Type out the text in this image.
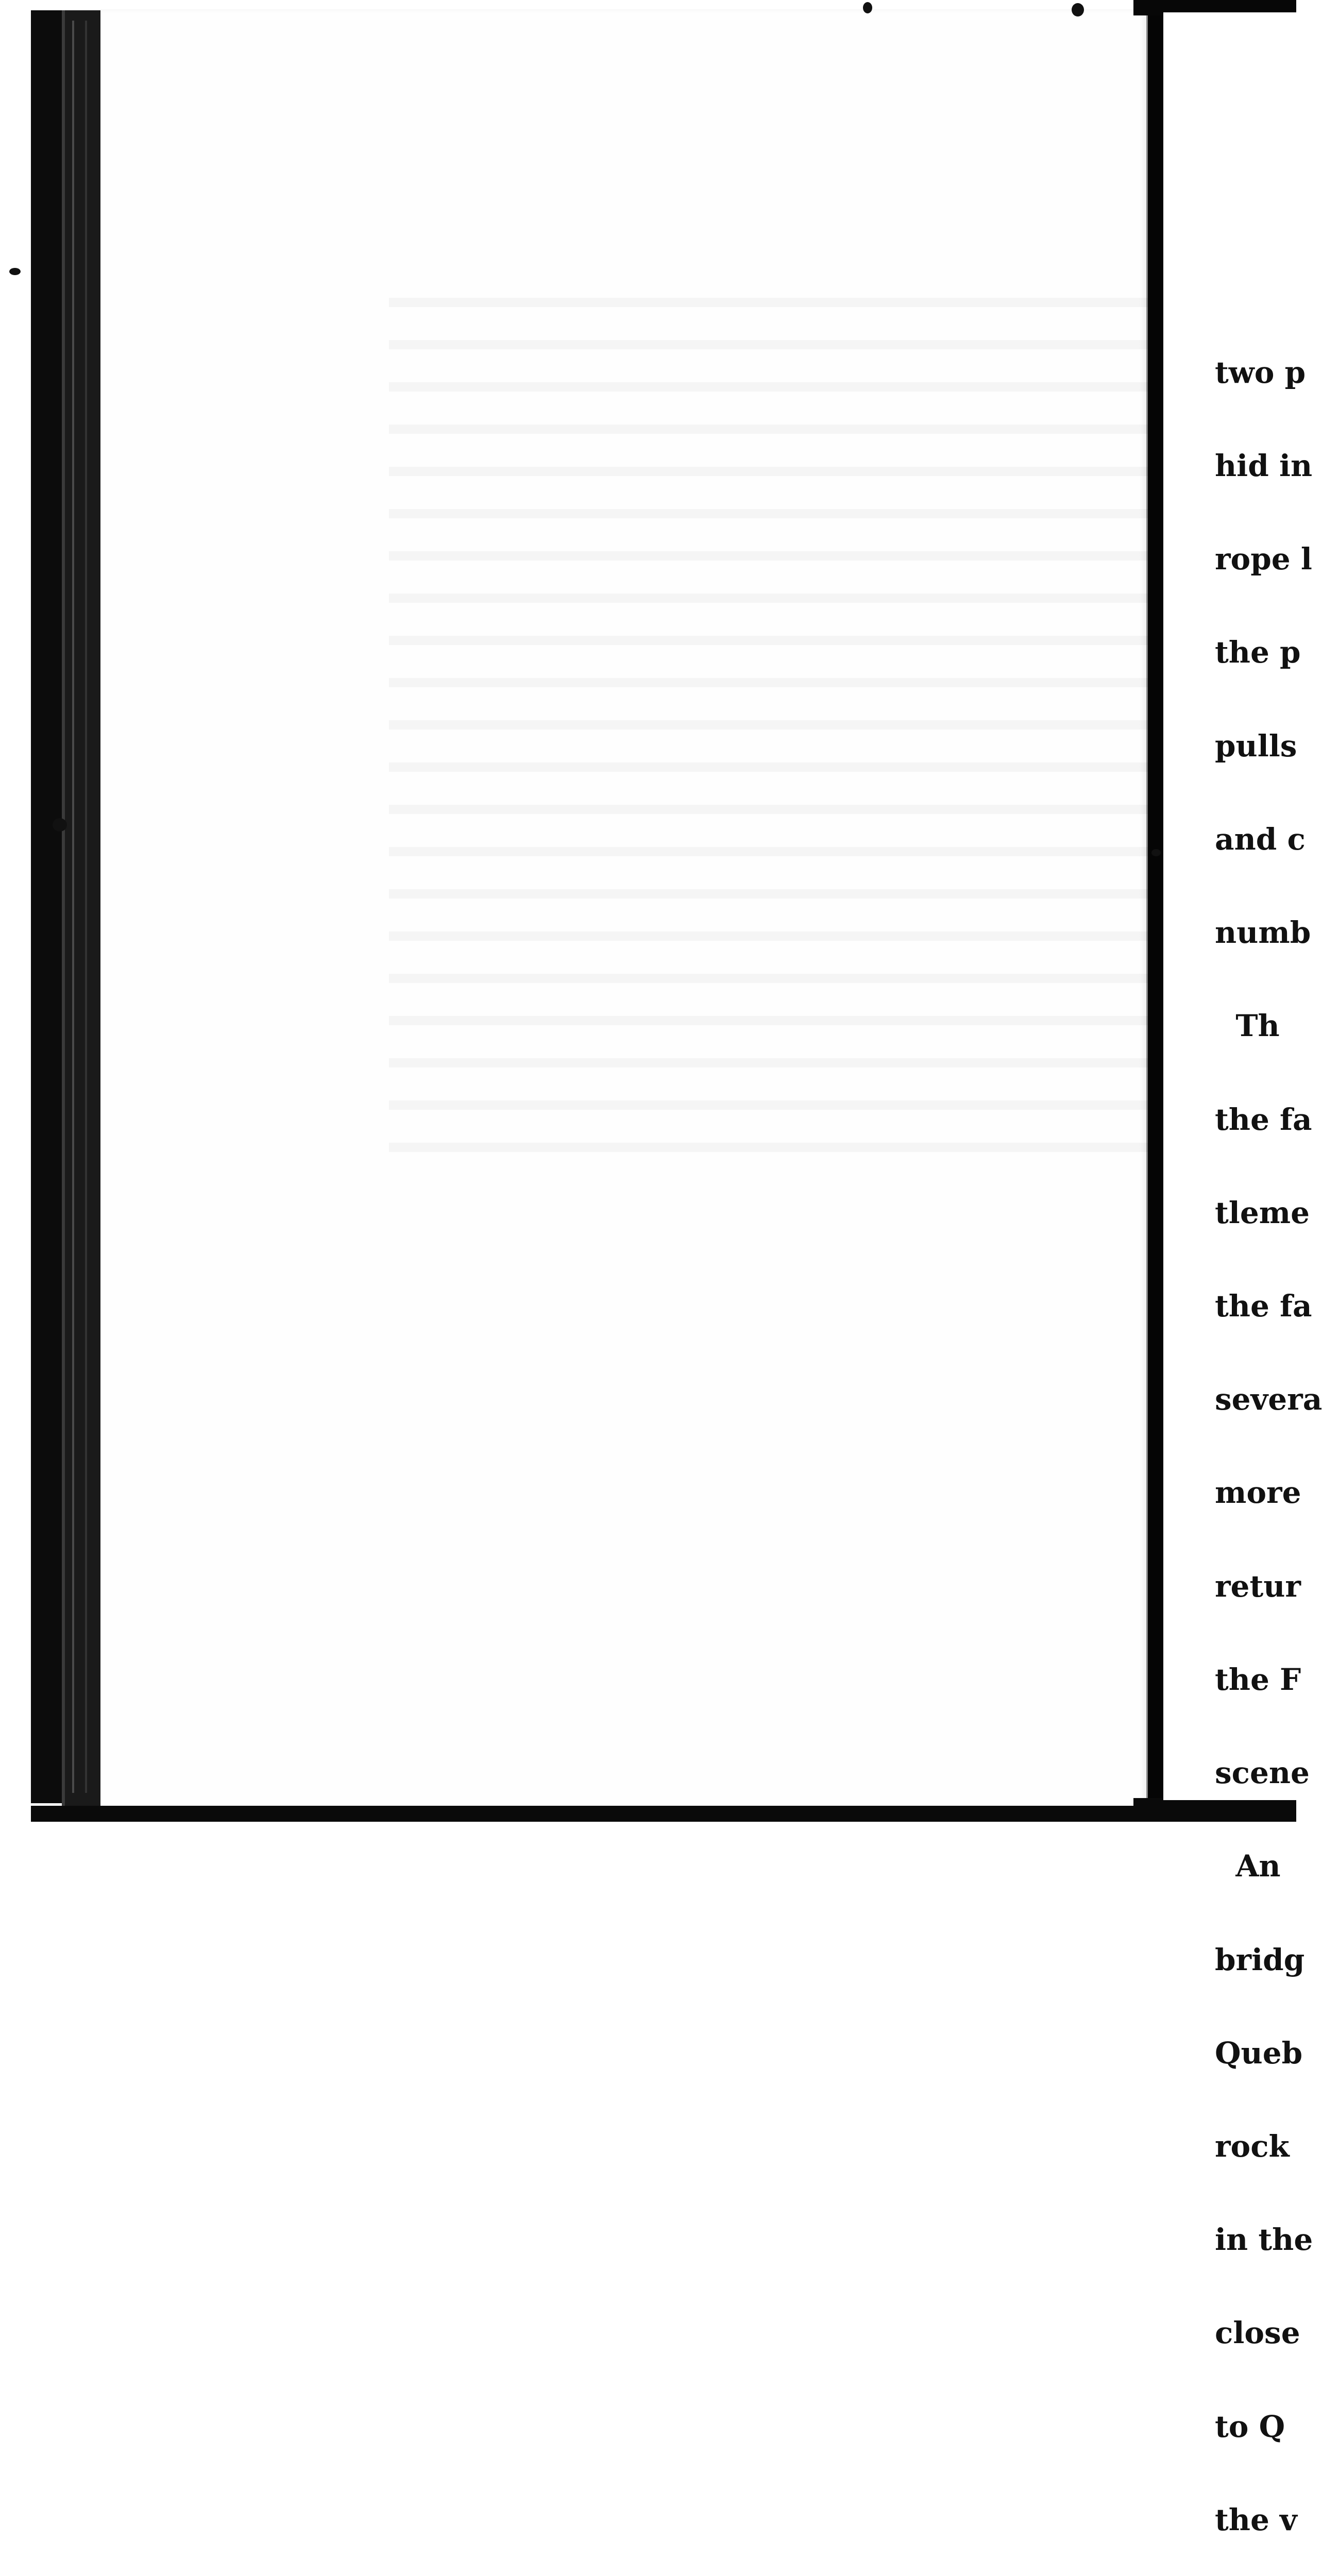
two p

hid in

rope l

the p

pulls

and c

numb

Th

the fa

tleme

the fa

severa

more

retur

the F

scene

An

bridg

Queb

rock

in the

close

to Q

the v
